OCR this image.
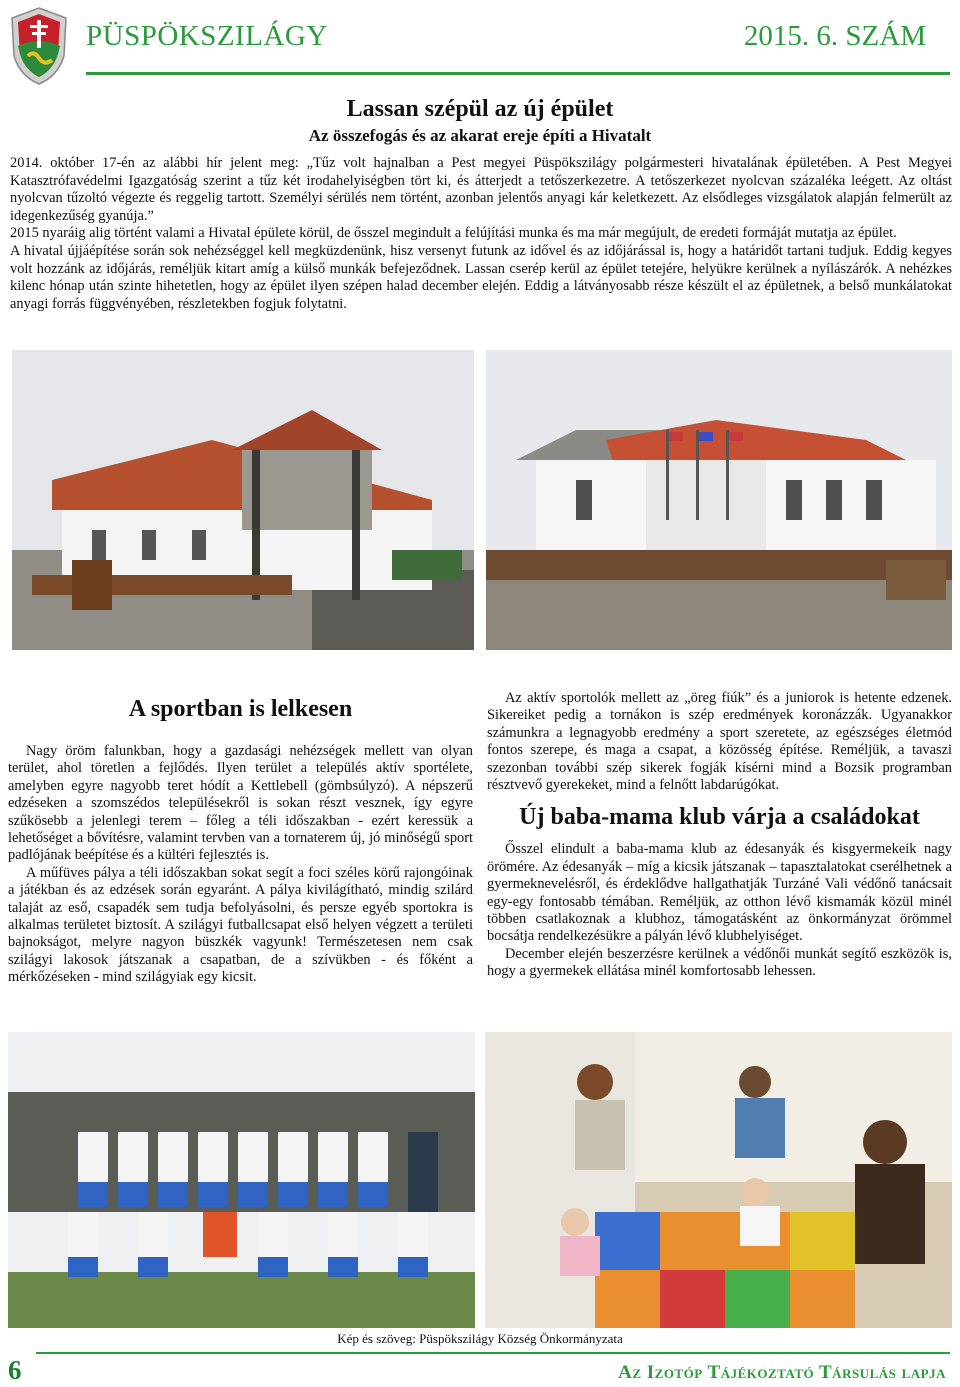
PÜSPÖKSZILÁGY	2015. 6. SZÁM
Lassan szépül az új épület
Az összefogás és az akarat ereje építi a Hivatalt

2014. október 17-én az alábbi hír jelent meg: „Tűz volt hajnalban a Pest megyei Püspökszilágy polgármesteri hivatalának épületében. A Pest Megyei Katasztrófavédelmi Igazgatóság szerint a tűz két irodahelyiségben tört ki, és átterjedt a tetőszerkezetre. A tetőszerkezet nyolcvan százaléka leégett. Az oltást nyolcvan tűzoltó végezte és reggelig tartott. Személyi sérülés nem történt, azonban jelentős anyagi kár keletkezett. Az elsődleges vizsgálatok alapján felmerült az idegenkezűség gyanúja.”

2015 nyaráig alig történt valami a Hivatal épülete körül, de ősszel megindult a felújítási munka és ma már megújult, de eredeti formáját mutatja az épület.

A hivatal újjáépítése során sok nehézséggel kell megküzdenünk, hisz versenyt futunk az idővel és az időjárással is, hogy a határidőt tartani tudjuk. Eddig kegyes volt hozzánk az időjárás, reméljük kitart amíg a külső munkák befejeződnek. Lassan cserép kerül az épület tetejére, helyükre kerülnek a nyílászárók. A nehézkes kilenc hónap után szinte hihetetlen, hogy az épület ilyen szépen halad december elején. Eddig a látványosabb része készült el az épületnek, a belső munkálatokat anyagi forrás függvényében, részletekben fogjuk folytatni.

A sportban is lelkesen

Nagy öröm falunkban, hogy a gazdasági nehézségek mellett van olyan terület, ahol töretlen a fejlődés. Ilyen terület a település aktív sportélete, amelyben egyre nagyobb teret hódít a Kettlebell (gömbsúlyzó). A népszerű edzéseken a szomszédos településekről is sokan részt vesznek, így egyre szűkösebb a jelenlegi terem – főleg a téli időszakban - ezért keressük a lehetőséget a bővítésre, valamint tervben van a tornaterem új, jó minőségű sport padlójának beépítése és a kültéri fejlesztés is.

A műfüves pálya a téli időszakban sokat segít a foci széles körű rajongóinak a játékban és az edzések során egyaránt. A pálya kivilágítható, mindig szilárd talaját az eső, csapadék sem tudja befolyásolni, és persze egyéb sportokra is alkalmas területet biztosít. A szilágyi futballcsapat első helyen végzett a területi bajnokságot, melyre nagyon büszkék vagyunk! Természetesen nem csak szilágyi lakosok játszanak a csapatban, de a szívükben - és főként a mérkőzéseken - mind szilágyiak egy kicsit.

Az aktív sportolók mellett az „öreg fiúk” és a juniorok is hetente edzenek. Sikereiket pedig a tornákon is szép eredmények koronázzák. Ugyanakkor számunkra a legnagyobb eredmény a sport szeretete, az egészséges életmód fontos szerepe, és maga a csapat, a közösség építése. Reméljük, a tavaszi szezonban további szép sikerek fogják kísérni mind a Bozsik programban résztvevő gyerekeket, mind a felnőtt labdarúgókat.

Új baba-mama klub várja a családokat

Ősszel elindult a baba-mama klub az édesanyák és kisgyermekeik nagy örömére. Az édesanyák – míg a kicsik játszanak – tapasztalatokat cserélhetnek a gyermeknevelésről, és érdeklődve hallgathatják Turzáné Vali védőnő tanácsait egy-egy fontosabb témában. Reméljük, az otthon lévő kismamák közül minél többen csatlakoznak a klubhoz, támogatásként az önkormányzat örömmel bocsátja rendelkezésükre a pályán lévő klubhelyiséget.

December elején beszerzésre kerülnek a védőnői munkát segítő eszközök is, hogy a gyermekek ellátása minél komfortosabb lehessen.

Kép és szöveg: Püspökszilágy Község Önkormányzata
6	Az Izotóp Tájékoztató Társulás lapja
